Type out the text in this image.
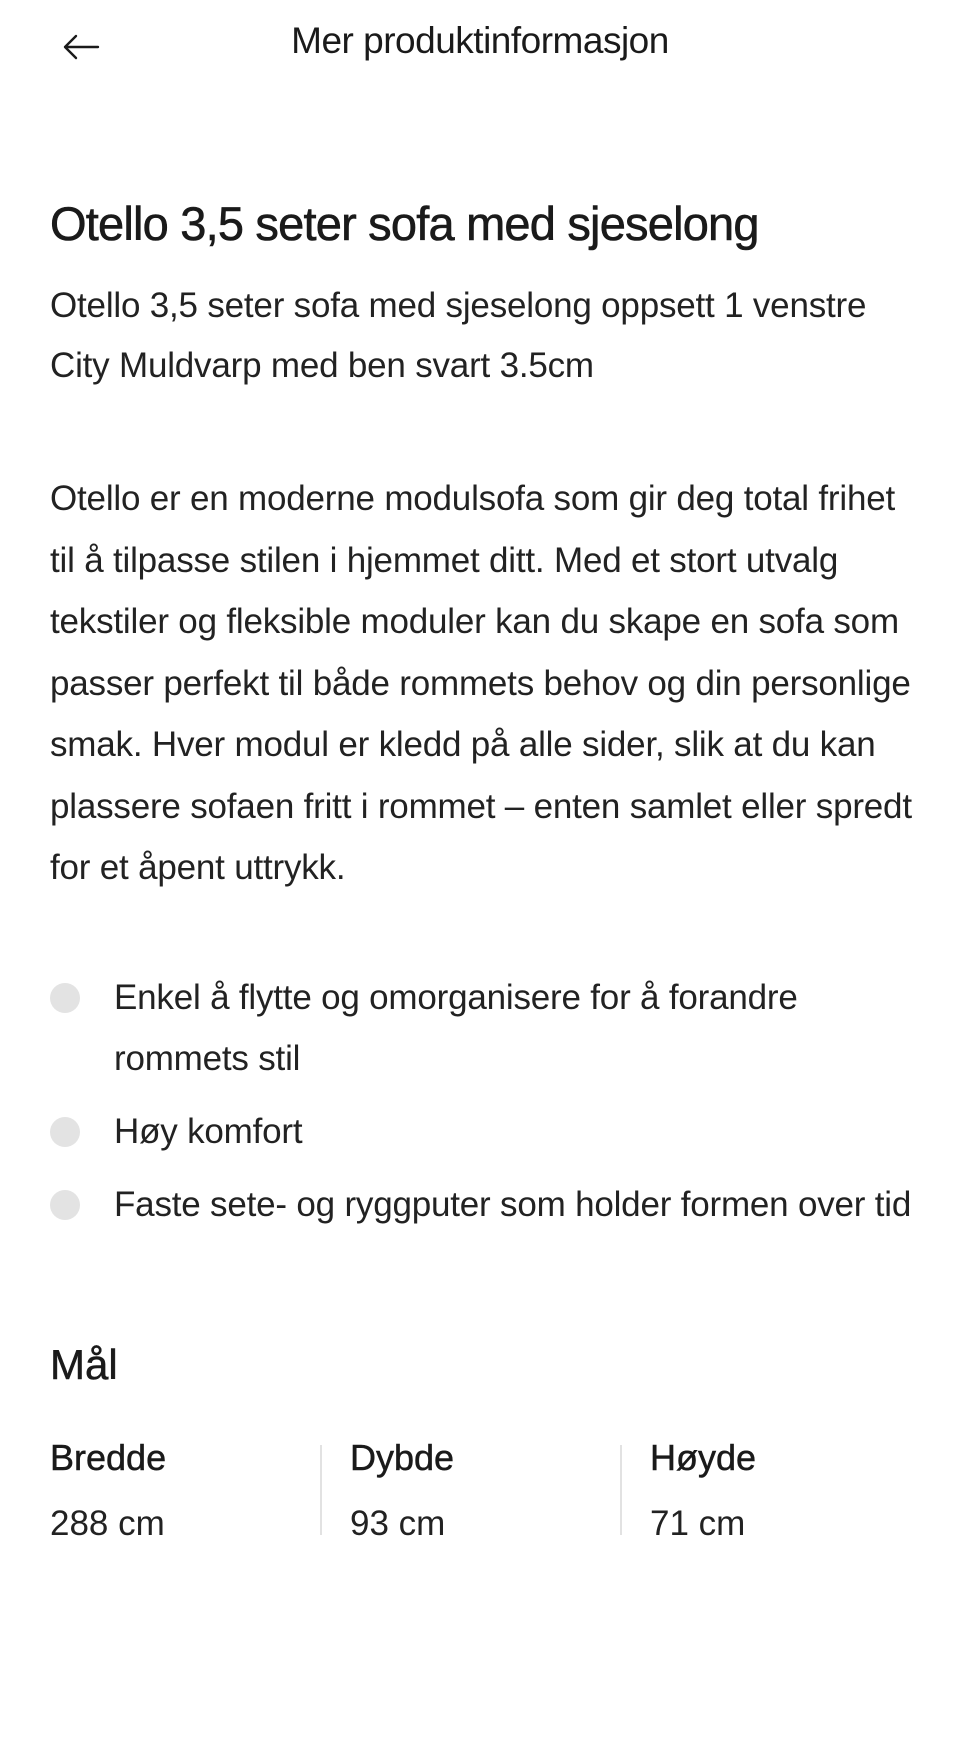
Mer produktinformasjon
Otello 3,5 seter sofa med sjeselong

Otello 3,5 seter sofa med sjeselong oppsett 1 venstre City Muldvarp med ben svart 3.5cm

Otello er en moderne modulsofa som gir deg total frihet til å tilpasse stilen i hjemmet ditt. Med et stort utvalg tekstiler og fleksible moduler kan du skape en sofa som passer perfekt til både rommets behov og din personlige smak. Hver modul er kledd på alle sider, slik at du kan plassere sofaen fritt i rommet – enten samlet eller spredt for et åpent uttrykk.

Enkel å flytte og omorganisere for å forandre rommets stil
Høy komfort
Faste sete- og ryggputer som holder formen over tid
Mål
Bredde
288 cm
Dybde
93 cm
Høyde
71 cm
